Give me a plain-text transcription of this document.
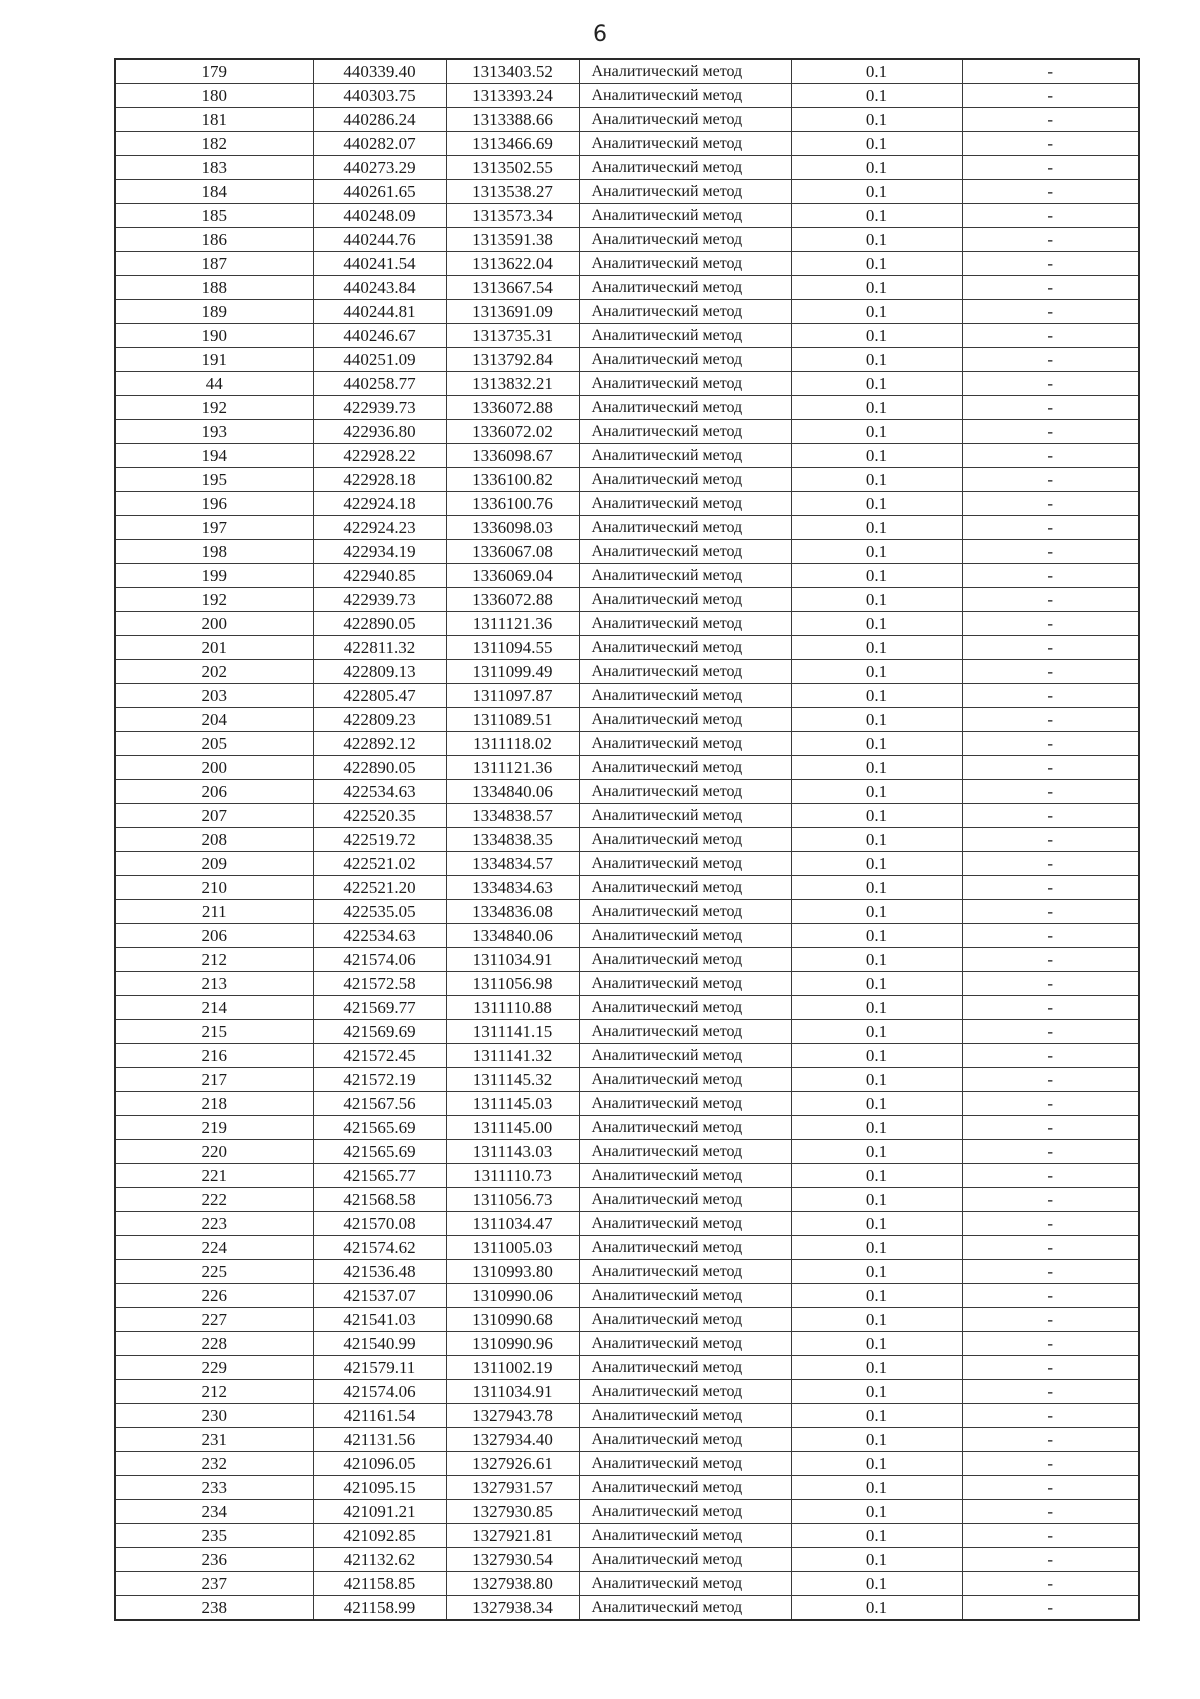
6
179	440339.40	1313403.52	Аналитический метод	0.1	-
180	440303.75	1313393.24	Аналитический метод	0.1	-
181	440286.24	1313388.66	Аналитический метод	0.1	-
182	440282.07	1313466.69	Аналитический метод	0.1	-
183	440273.29	1313502.55	Аналитический метод	0.1	-
184	440261.65	1313538.27	Аналитический метод	0.1	-
185	440248.09	1313573.34	Аналитический метод	0.1	-
186	440244.76	1313591.38	Аналитический метод	0.1	-
187	440241.54	1313622.04	Аналитический метод	0.1	-
188	440243.84	1313667.54	Аналитический метод	0.1	-
189	440244.81	1313691.09	Аналитический метод	0.1	-
190	440246.67	1313735.31	Аналитический метод	0.1	-
191	440251.09	1313792.84	Аналитический метод	0.1	-
44	440258.77	1313832.21	Аналитический метод	0.1	-
192	422939.73	1336072.88	Аналитический метод	0.1	-
193	422936.80	1336072.02	Аналитический метод	0.1	-
194	422928.22	1336098.67	Аналитический метод	0.1	-
195	422928.18	1336100.82	Аналитический метод	0.1	-
196	422924.18	1336100.76	Аналитический метод	0.1	-
197	422924.23	1336098.03	Аналитический метод	0.1	-
198	422934.19	1336067.08	Аналитический метод	0.1	-
199	422940.85	1336069.04	Аналитический метод	0.1	-
192	422939.73	1336072.88	Аналитический метод	0.1	-
200	422890.05	1311121.36	Аналитический метод	0.1	-
201	422811.32	1311094.55	Аналитический метод	0.1	-
202	422809.13	1311099.49	Аналитический метод	0.1	-
203	422805.47	1311097.87	Аналитический метод	0.1	-
204	422809.23	1311089.51	Аналитический метод	0.1	-
205	422892.12	1311118.02	Аналитический метод	0.1	-
200	422890.05	1311121.36	Аналитический метод	0.1	-
206	422534.63	1334840.06	Аналитический метод	0.1	-
207	422520.35	1334838.57	Аналитический метод	0.1	-
208	422519.72	1334838.35	Аналитический метод	0.1	-
209	422521.02	1334834.57	Аналитический метод	0.1	-
210	422521.20	1334834.63	Аналитический метод	0.1	-
211	422535.05	1334836.08	Аналитический метод	0.1	-
206	422534.63	1334840.06	Аналитический метод	0.1	-
212	421574.06	1311034.91	Аналитический метод	0.1	-
213	421572.58	1311056.98	Аналитический метод	0.1	-
214	421569.77	1311110.88	Аналитический метод	0.1	-
215	421569.69	1311141.15	Аналитический метод	0.1	-
216	421572.45	1311141.32	Аналитический метод	0.1	-
217	421572.19	1311145.32	Аналитический метод	0.1	-
218	421567.56	1311145.03	Аналитический метод	0.1	-
219	421565.69	1311145.00	Аналитический метод	0.1	-
220	421565.69	1311143.03	Аналитический метод	0.1	-
221	421565.77	1311110.73	Аналитический метод	0.1	-
222	421568.58	1311056.73	Аналитический метод	0.1	-
223	421570.08	1311034.47	Аналитический метод	0.1	-
224	421574.62	1311005.03	Аналитический метод	0.1	-
225	421536.48	1310993.80	Аналитический метод	0.1	-
226	421537.07	1310990.06	Аналитический метод	0.1	-
227	421541.03	1310990.68	Аналитический метод	0.1	-
228	421540.99	1310990.96	Аналитический метод	0.1	-
229	421579.11	1311002.19	Аналитический метод	0.1	-
212	421574.06	1311034.91	Аналитический метод	0.1	-
230	421161.54	1327943.78	Аналитический метод	0.1	-
231	421131.56	1327934.40	Аналитический метод	0.1	-
232	421096.05	1327926.61	Аналитический метод	0.1	-
233	421095.15	1327931.57	Аналитический метод	0.1	-
234	421091.21	1327930.85	Аналитический метод	0.1	-
235	421092.85	1327921.81	Аналитический метод	0.1	-
236	421132.62	1327930.54	Аналитический метод	0.1	-
237	421158.85	1327938.80	Аналитический метод	0.1	-
238	421158.99	1327938.34	Аналитический метод	0.1	-
